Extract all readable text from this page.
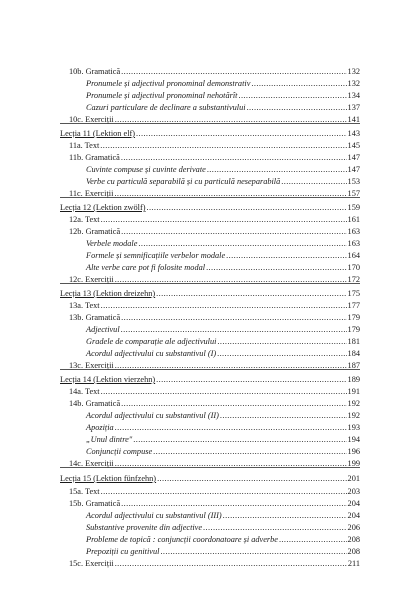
10b. Gramatică .....	132
Pronumele și adjectivul pronominal demonstrativ .....	132
Pronumele și adjectivul pronominal nehotărît .....	134
Cazuri particulare de declinare a substantivului .....	137
10c. Exerciții .....	141
Lecția 11 (Lektion elf) .....	143
11a. Text .....	145
11b. Gramatică .....	147
Cuvinte compuse și cuvinte derivate .....	147
Verbe cu particulă separabilă și cu particulă neseparabilă .....	153
11c. Exerciții .....	157
Lecția 12 (Lektion zwölf) .....	159
12a. Text .....	161
12b. Gramatică .....	163
Verbele modale .....	163
Formele și semnificațiile verbelor modale .....	164
Alte verbe care pot fi folosite modal .....	170
12c. Exerciții .....	172
Lecția 13 (Lektion dreizehn) .....	175
13a. Text .....	177
13b. Gramatică .....	179
Adjectivul .....	179
Gradele de comparație ale adjectivului .....	181
Acordul adjectivului cu substantivul (I) .....	184
13c. Exerciții .....	187
Lecția 14 (Lektion vierzehn) .....	189
14a. Text .....	191
14b. Gramatică .....	192
Acordul adjectivului cu substantivul (II) .....	192
Apoziția .....	193
„Unul dintre" .....	194
Conjuncții compuse .....	196
14c. Exerciții .....	199
Lecția 15 (Lektion fünfzehn) .....	201
15a. Text .....	203
15b. Gramatică .....	204
Acordul adjectivului cu substantivul (III) .....	204
Substantive provenite din adjective .....	206
Probleme de topică : conjuncții coordonatoare și adverbe .....	208
Prepoziții cu genitivul .....	208
15c. Exerciții .....	211
